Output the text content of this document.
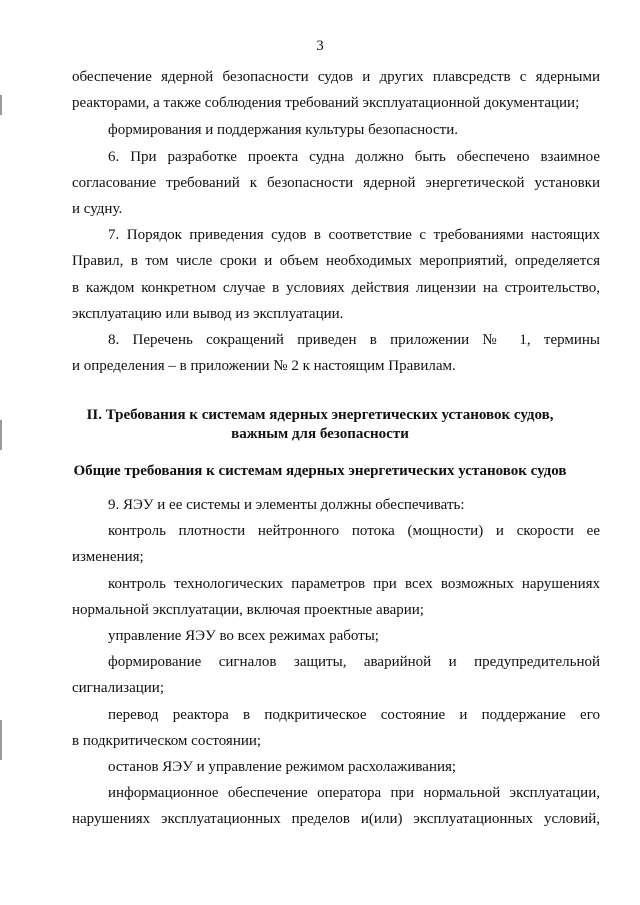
3
обеспечение ядерной безопасности судов и других плавсредств с ядерными
реакторами, а также соблюдения требований эксплуатационной документации;
формирования и поддержания культуры безопасности.
6. При разработке проекта судна должно быть обеспечено взаимное
согласование требований к безопасности ядерной энергетической установки
и судну.
7. Порядок приведения судов в соответствие с требованиями настоящих
Правил, в том числе сроки и объем необходимых мероприятий, определяется
в каждом конкретном случае в условиях действия лицензии на строительство,
эксплуатацию или вывод из эксплуатации.
8. Перечень сокращений приведен в приложении № 1, термины
и определения – в приложении № 2 к настоящим Правилам.
II. Требования к системам ядерных энергетических установок судов,
важным для безопасности
Общие требования к системам ядерных энергетических установок судов
9. ЯЭУ и ее системы и элементы должны обеспечивать:
контроль плотности нейтронного потока (мощности) и скорости ее
изменения;
контроль технологических параметров при всех возможных нарушениях
нормальной эксплуатации, включая проектные аварии;
управление ЯЭУ во всех режимах работы;
формирование сигналов защиты, аварийной и предупредительной
сигнализации;
перевод реактора в подкритическое состояние и поддержание его
в подкритическом состоянии;
останов ЯЭУ и управление режимом расхолаживания;
информационное обеспечение оператора при нормальной эксплуатации,
нарушениях эксплуатационных пределов и(или) эксплуатационных условий,
